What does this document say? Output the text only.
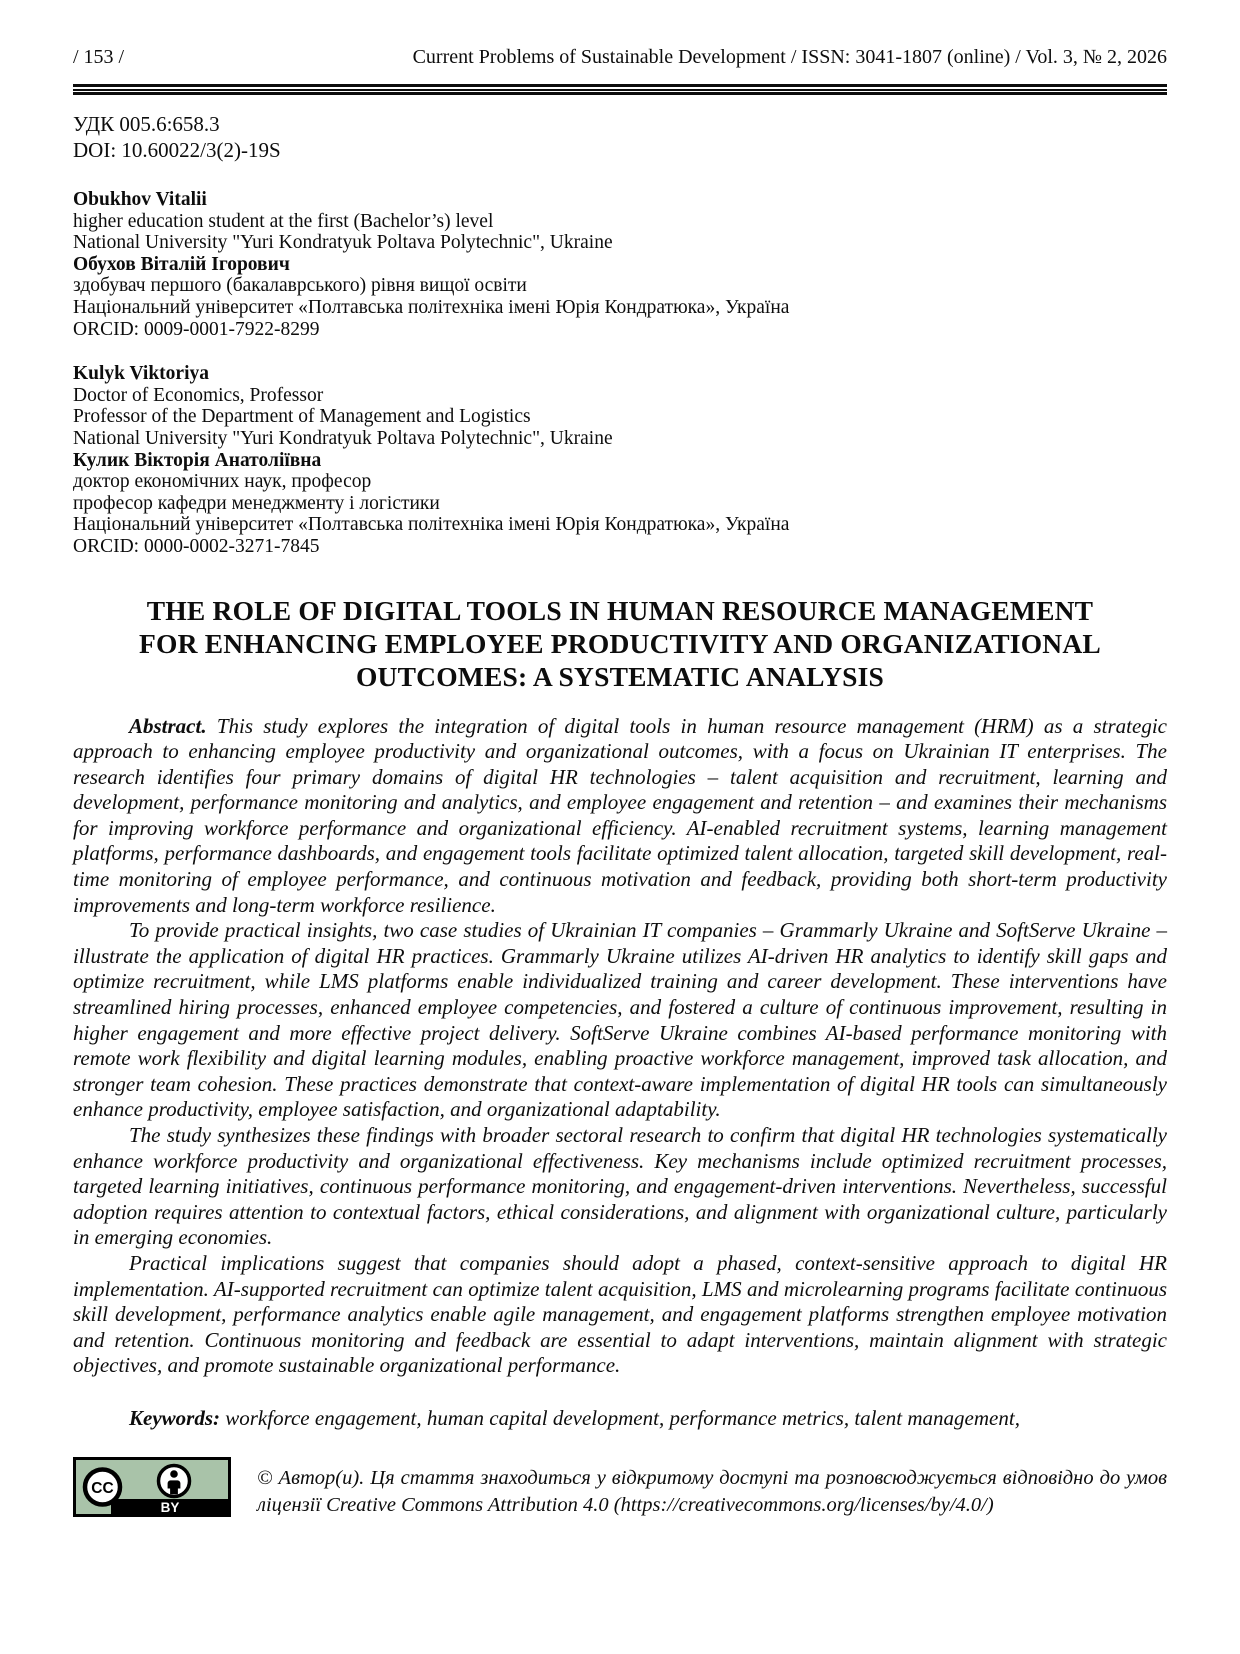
/ 153 /	Current Problems of Sustainable Development / ISSN: 3041-1807 (online) / Vol. 3, № 2, 2026
УДК 005.6:658.3
DOI: 10.60022/3(2)-19S
Obukhov Vitalii
higher education student at the first (Bachelor’s) level
National University "Yuri Kondratyuk Poltava Polytechnic", Ukraine
Обухов Віталій Ігорович
здобувач першого (бакалаврського) рівня вищої освіти
Національний університет «Полтавська політехніка імені Юрія Кондратюка», Україна
ORCID: 0009-0001-7922-8299
Kulyk Viktoriya
Doctor of Economics, Professor
Professor of the Department of Management and Logistics
National University "Yuri Kondratyuk Poltava Polytechnic", Ukraine
Кулик Вікторія Анатоліївна
доктор економічних наук, професор
професор кафедри менеджменту і логістики
Національний університет «Полтавська політехніка імені Юрія Кондратюка», Україна
ORCID: 0000-0002-3271-7845
THE ROLE OF DIGITAL TOOLS IN HUMAN RESOURCE MANAGEMENT
FOR ENHANCING EMPLOYEE PRODUCTIVITY AND ORGANIZATIONAL
OUTCOMES: A SYSTEMATIC ANALYSIS

Abstract. This study explores the integration of digital tools in human resource management (HRM) as a strategic approach to enhancing employee productivity and organizational outcomes, with a focus on Ukrainian IT enterprises. The research identifies four primary domains of digital HR technologies – talent acquisition and recruitment, learning and development, performance monitoring and analytics, and employee engagement and retention – and examines their mechanisms for improving workforce performance and organizational efficiency. AI-enabled recruitment systems, learning management platforms, performance dashboards, and engagement tools facilitate optimized talent allocation, targeted skill development, real-time monitoring of employee performance, and continuous motivation and feedback, providing both short-term productivity improvements and long-term workforce resilience.

To provide practical insights, two case studies of Ukrainian IT companies – Grammarly Ukraine and SoftServe Ukraine – illustrate the application of digital HR practices. Grammarly Ukraine utilizes AI-driven HR analytics to identify skill gaps and optimize recruitment, while LMS platforms enable individualized training and career development. These interventions have streamlined hiring processes, enhanced employee competencies, and fostered a culture of continuous improvement, resulting in higher engagement and more effective project delivery. SoftServe Ukraine combines AI-based performance monitoring with remote work flexibility and digital learning modules, enabling proactive workforce management, improved task allocation, and stronger team cohesion. These practices demonstrate that context-aware implementation of digital HR tools can simultaneously enhance productivity, employee satisfaction, and organizational adaptability.

The study synthesizes these findings with broader sectoral research to confirm that digital HR technologies systematically enhance workforce productivity and organizational effectiveness. Key mechanisms include optimized recruitment processes, targeted learning initiatives, continuous performance monitoring, and engagement-driven interventions. Nevertheless, successful adoption requires attention to contextual factors, ethical considerations, and alignment with organizational culture, particularly in emerging economies.

Practical implications suggest that companies should adopt a phased, context-sensitive approach to digital HR implementation. AI-supported recruitment can optimize talent acquisition, LMS and microlearning programs facilitate continuous skill development, performance analytics enable agile management, and engagement platforms strengthen employee motivation and retention. Continuous monitoring and feedback are essential to adapt interventions, maintain alignment with strategic objectives, and promote sustainable organizational performance.

Keywords: workforce engagement, human capital development, performance metrics, talent management,

CC
BY

© Автор(и). Ця стаття знаходиться у відкритому доступі та розповсюджується відповідно до умов ліцензії Creative Commons Attribution 4.0 (https://creativecommons.org/licenses/by/4.0/)
